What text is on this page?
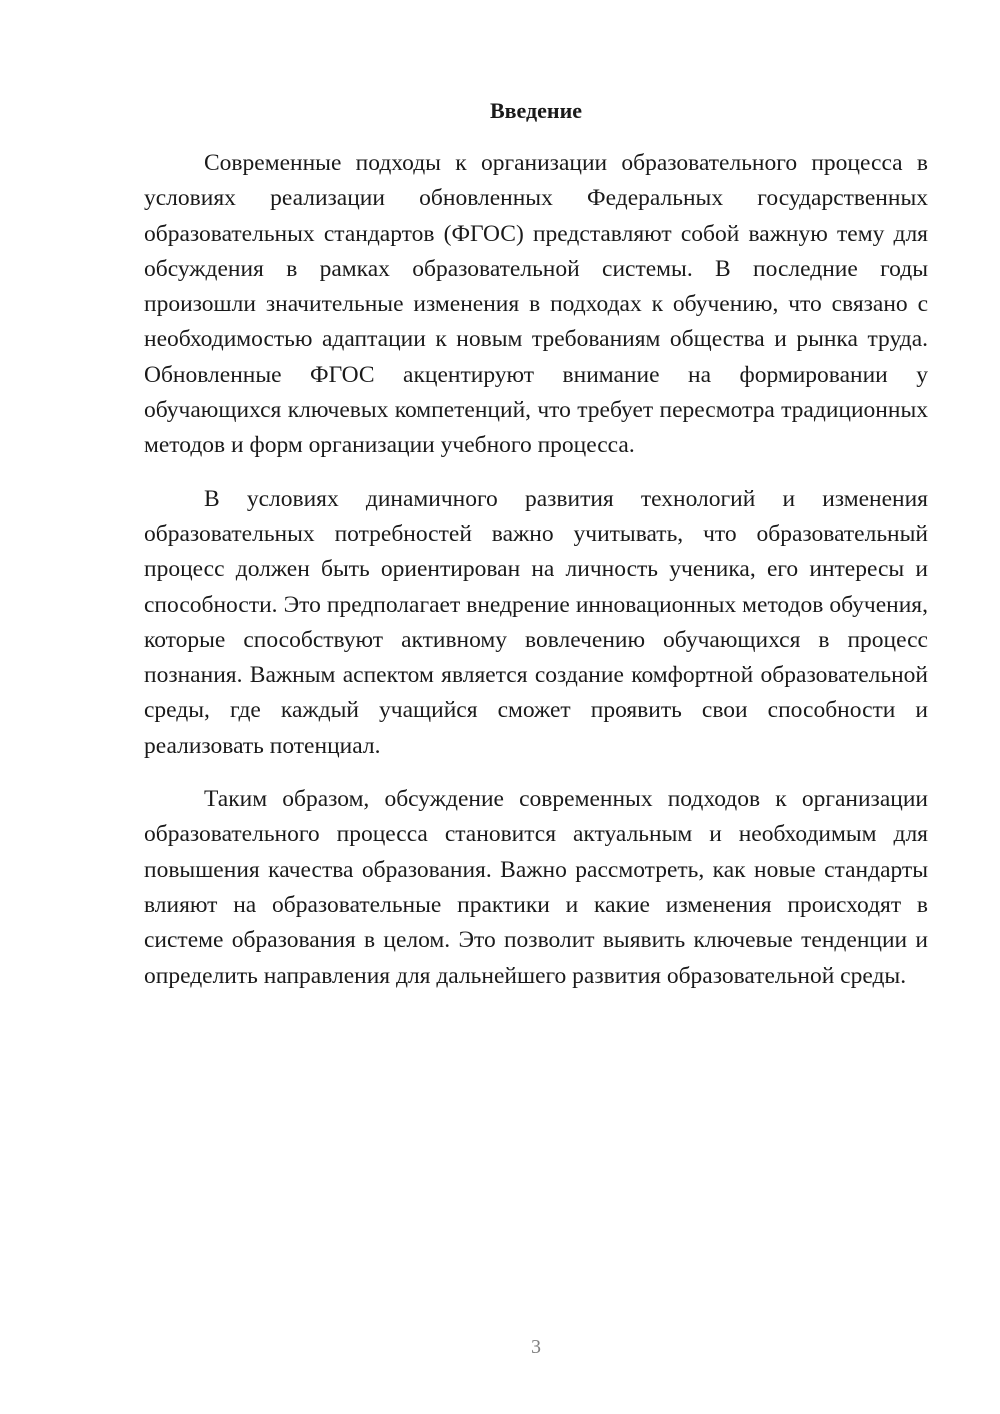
Введение

Современные подходы к организации образовательного процесса в условиях реализации обновленных Федеральных государственных образовательных стандартов (ФГОС) представляют собой важную тему для обсуждения в рамках образовательной системы. В последние годы произошли значительные изменения в подходах к обучению, что связано с необходимостью адаптации к новым требованиям общества и рынка труда. Обновленные ФГОС акцентируют внимание на формировании у обучающихся ключевых компетенций, что требует пересмотра традиционных методов и форм организации учебного процесса.

В условиях динамичного развития технологий и изменения образовательных потребностей важно учитывать, что образовательный процесс должен быть ориентирован на личность ученика, его интересы и способности. Это предполагает внедрение инновационных методов обучения, которые способствуют активному вовлечению обучающихся в процесс познания. Важным аспектом является создание комфортной образовательной среды, где каждый учащийся сможет проявить свои способности и реализовать потенциал.

Таким образом, обсуждение современных подходов к организации образовательного процесса становится актуальным и необходимым для повышения качества образования. Важно рассмотреть, как новые стандарты влияют на образовательные практики и какие изменения происходят в системе образования в целом. Это позволит выявить ключевые тенденции и определить направления для дальнейшего развития образовательной среды.

3
